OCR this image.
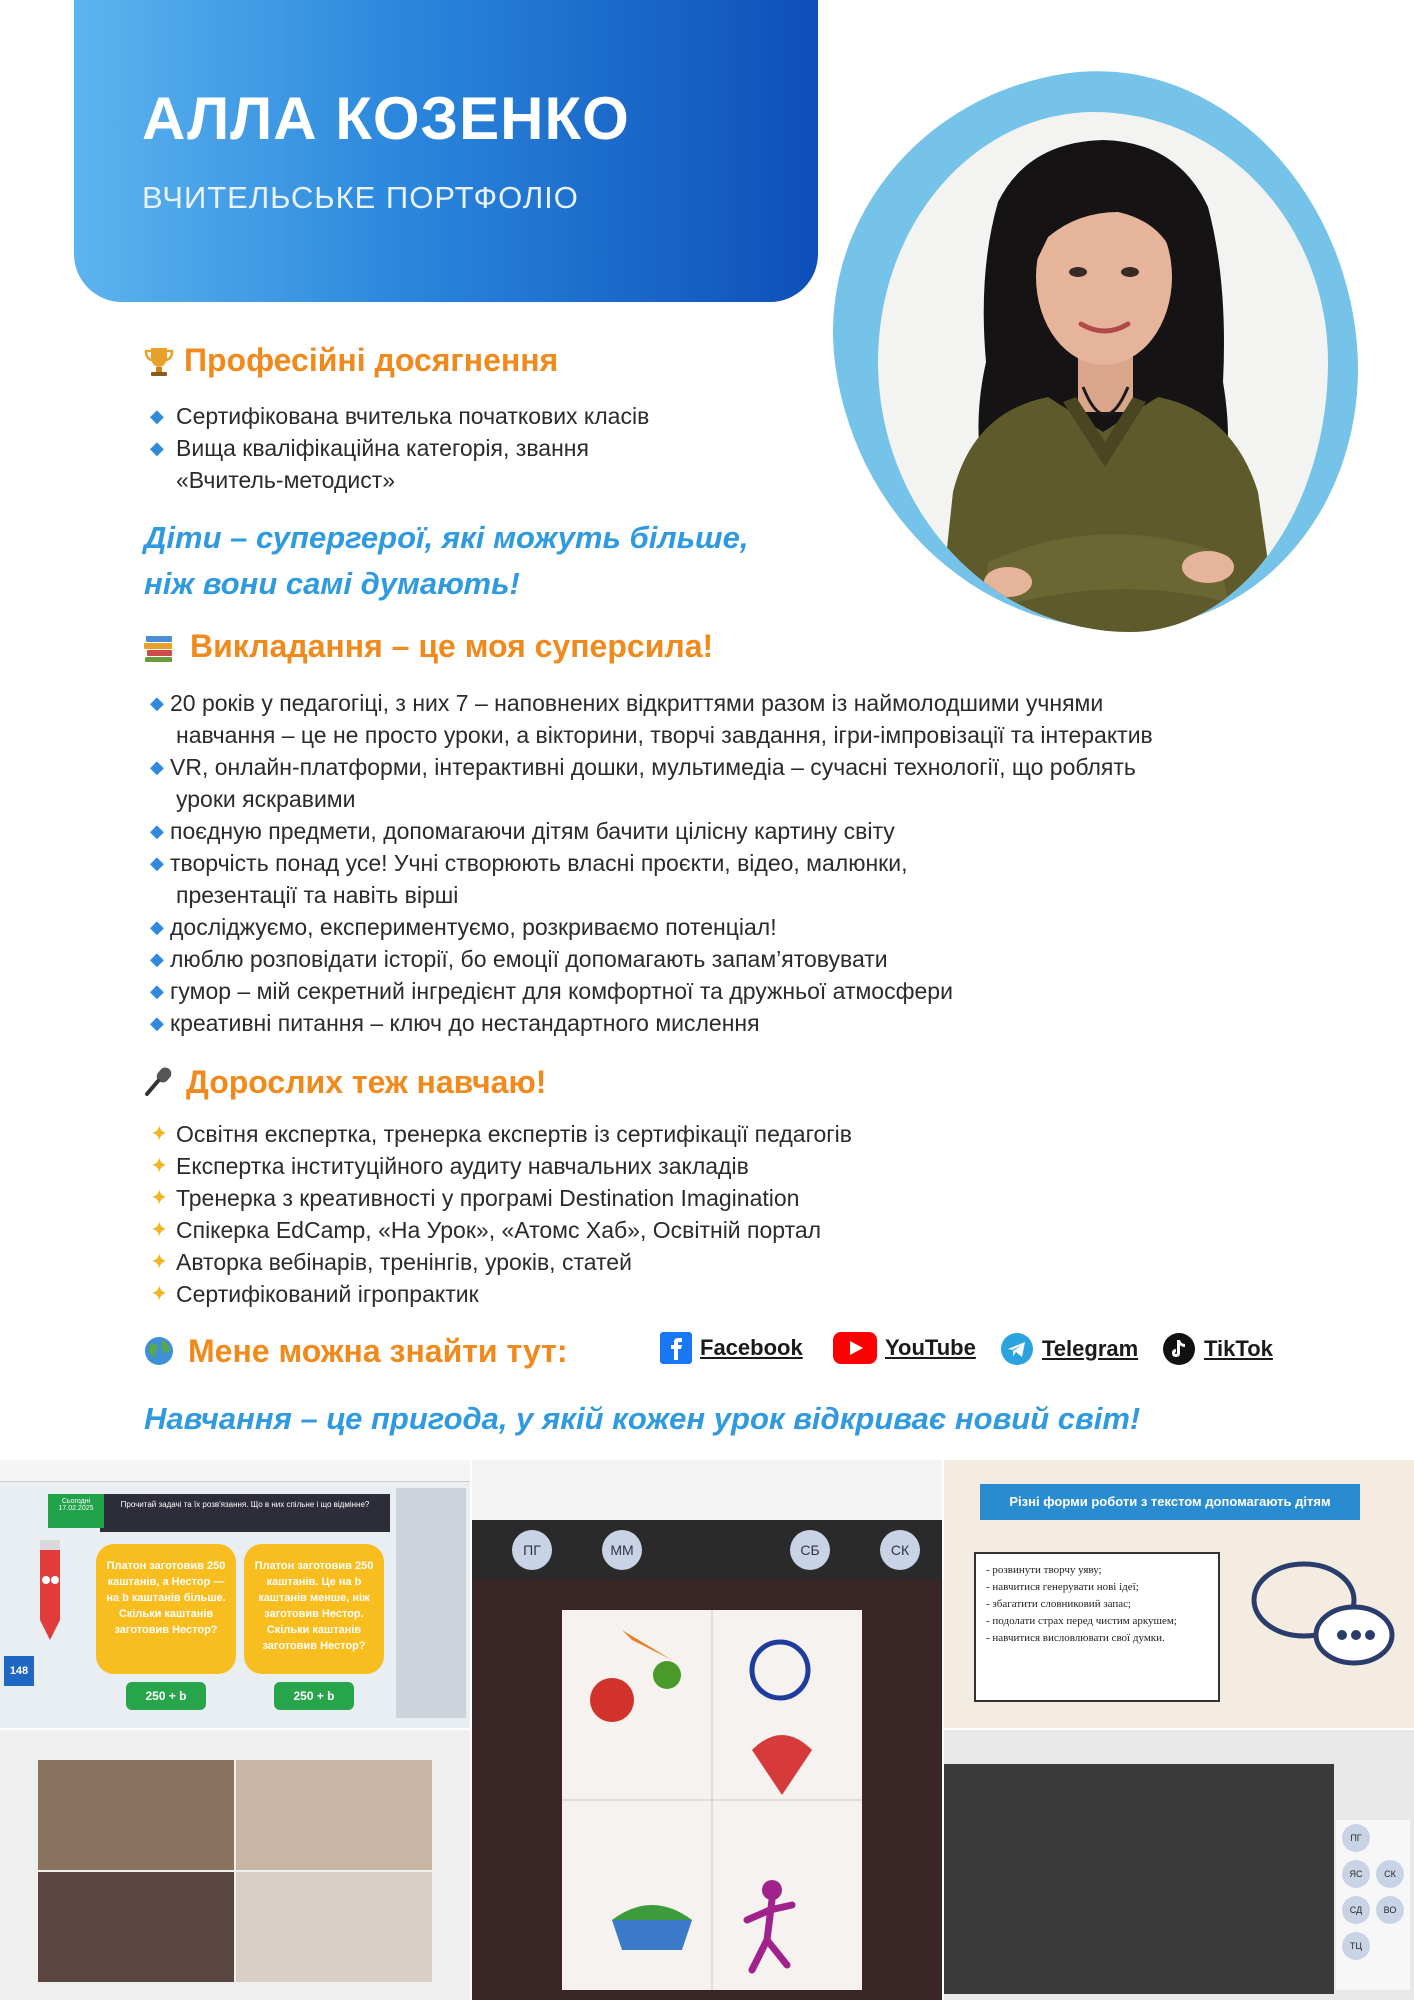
АЛЛА КОЗЕНКО
ВЧИТЕЛЬСЬКЕ ПОРТФОЛІО
Професійні досягнення
◆ Сертифікована вчителька початкових класів
◆ Вища кваліфікаційна категорія, звання
«Вчитель-методист»
Діти – супергерої, які можуть більше,
ніж вони самі думають!
Викладання – це моя суперсила!
◆ 20 років у педагогіці, з них 7 – наповнених відкриттями разом із наймолодшими учнями
навчання – це не просто уроки, а вікторини, творчі завдання, ігри-імпровізації та інтерактив
◆ VR, онлайн-платформи, інтерактивні дошки, мультимедіа – сучасні технології, що роблять
уроки яскравими
◆ поєдную предмети, допомагаючи дітям бачити цілісну картину світу
◆ творчість понад усе! Учні створюють власні проєкти, відео, малюнки,
презентації та навіть вірші
◆ досліджуємо, експериментуємо, розкриваємо потенціал!
◆ люблю розповідати історії, бо емоції допомагають запам’ятовувати
◆ гумор – мій секретний інгредієнт для комфортної та дружньої атмосфери
◆ креативні питання – ключ до нестандартного мислення
Дорослих теж навчаю!
✦ Освітня експертка, тренерка експертів із сертифікації педагогів
✦ Експертка інституційного аудиту навчальних закладів
✦ Тренерка з креативності у програмі Destination Imagination
✦ Спікерка EdCamp, «На Урок», «Атомс Хаб», Освітній портал
✦ Авторка вебінарів, тренінгів, уроків, статей
✦ Сертифікований ігропрактик
Мене можна знайти тут:	Facebook	YouTube	Telegram	TikTok
Навчання – це пригода, у якій кожен урок відкриває новий світ!
Прочитай задачі та їх розв'язання. Що в них спільне і що відмінне?
Сьогодні
17.02.2025
Платон заготовив 250 каштанів, а Нестор — на b каштанів більше. Скільки каштанів заготовив Нестор?
Платон заготовив 250 каштанів. Це на b каштанів менше, ніж заготовив Нестор. Скільки каштанів заготовив Нестор?
250 + b	250 + b
148
ПГ	ММ	СБ	СК
Різні форми роботи з текстом допомагають дітям
- розвинути творчу уяву;
- навчитися генерувати нові ідеї;
- збагатити словниковий запас;
- подолати страх перед чистим аркушем;
- навчитися висловлювати свої думки.
ПГ
ЯС	СК
СД	ВО
ТЦ
